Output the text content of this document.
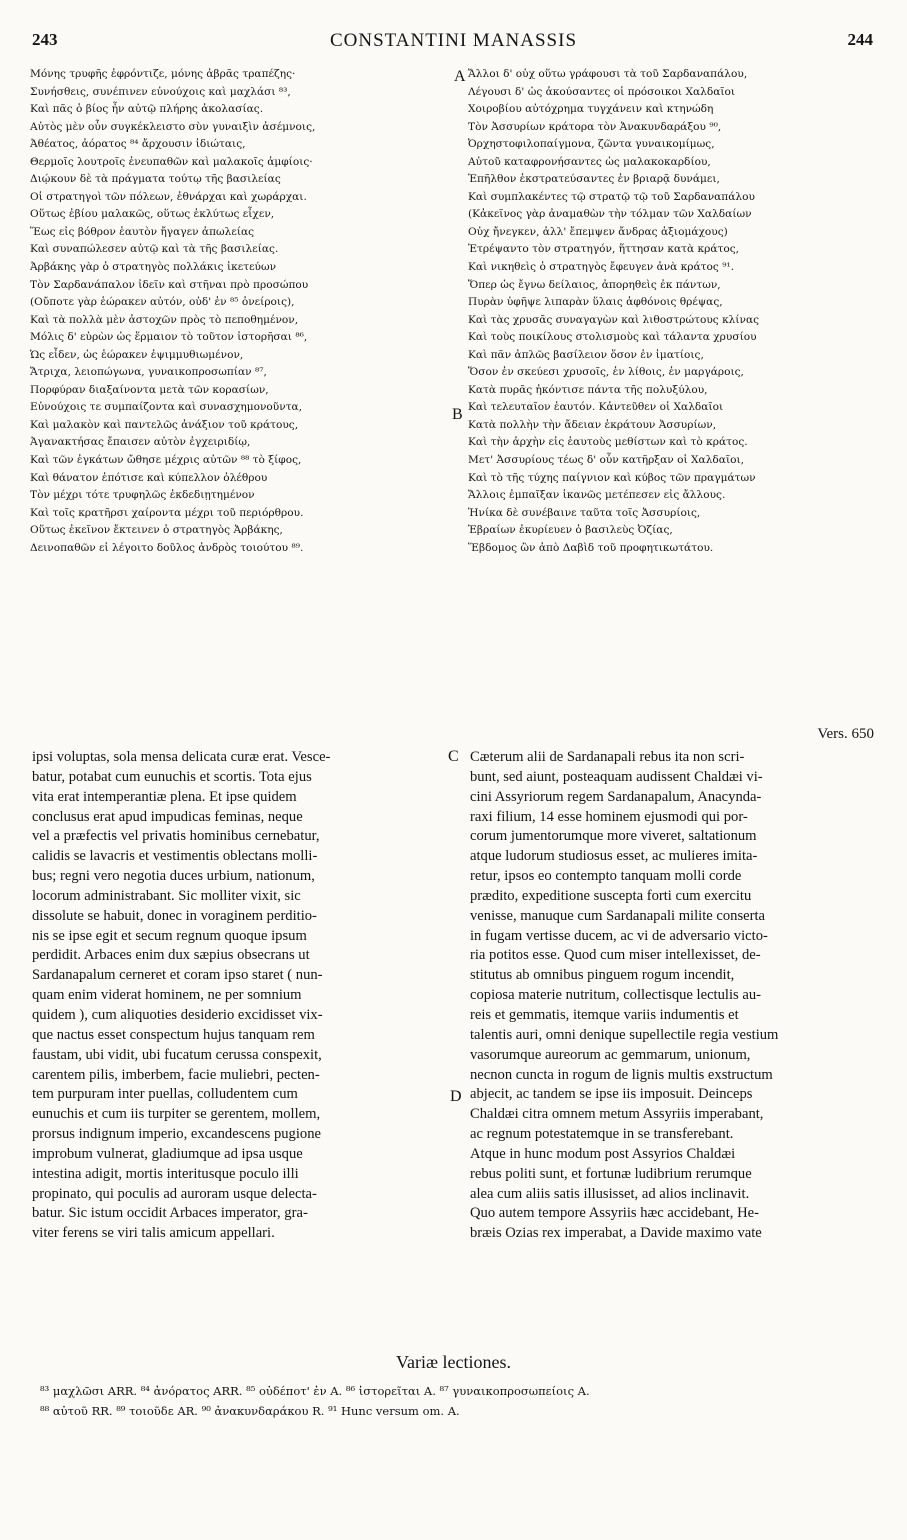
243	CONSTANTINI MANASSIS	244
Μόνης τρυφῆς ἐφρόντιζε, μόνης ἁβρᾶς τραπέζης·
Συνήσθεις, συνέπινεν εὐνούχοις καὶ μαχλάσι ⁸³,
Καὶ πᾶς ὁ βίος ἦν αὐτῷ πλήρης ἀκολασίας.
Αὐτὸς μὲν οὖν συγκέκλειστο σὺν γυναιξὶν ἀσέμνοις,
Ἀθέατος, ἀόρατος ⁸⁴ ἄρχουσιν ἰδιώταις,
Θερμοῖς λουτροῖς ἐνευπαθῶν καὶ μαλακοῖς ἀμφίοις·
Διῴκουν δὲ τὰ πράγματα τούτῳ τῆς βασιλείας
Οἱ στρατηγοὶ τῶν πόλεων, ἐθνάρχαι καὶ χωράρχαι.
Οὕτως ἐβίου μαλακῶς, οὕτως ἐκλύτως εἶχεν,
Ἕως εἰς βόθρον ἑαυτὸν ἤγαγεν ἀπωλείας
Καὶ συναπώλεσεν αὐτῷ καὶ τὰ τῆς βασιλείας.
Ἀρβάκης γὰρ ὁ στρατηγὸς πολλάκις ἱκετεύων
Τὸν Σαρδανάπαλον ἰδεῖν καὶ στῆναι πρὸ προσώπου
(Οὔποτε γὰρ ἑώρακεν αὐτόν, οὐδ' ἐν ⁸⁵ ὀνείροις),
Καὶ τὰ πολλὰ μὲν ἀστοχῶν πρὸς τὸ πεποθημένον,
Μόλις δ' εὑρὼν ὡς ἕρμαιον τὸ τοῦτον ἱστορῆσαι ⁸⁶,
Ὡς εἶδεν, ὡς ἑώρακεν ἐψιμμυθιωμένον,
Ἄτριχα, λειοπώγωνα, γυναικοπροσωπίαν ⁸⁷,
Πορφύραν διαξαίνοντα μετὰ τῶν κορασίων,
Εὐνούχοις τε συμπαίζοντα καὶ συνασχημονοῦντα,
Καὶ μαλακὸν καὶ παντελῶς ἀνάξιον τοῦ κράτους,
Ἀγανακτήσας ἔπαισεν αὐτὸν ἐγχειριδίῳ,
Καὶ τῶν ἐγκάτων ὤθησε μέχρις αὐτῶν ⁸⁸ τὸ ξίφος,
Καὶ θάνατον ἐπότισε καὶ κύπελλον ὀλέθρου
Τὸν μέχρι τότε τρυφηλῶς ἐκδεδιῃτημένον
Καὶ τοῖς κρατῆρσι χαίροντα μέχρι τοῦ περιόρθρου.
Οὕτως ἐκεῖνον ἔκτεινεν ὁ στρατηγὸς Ἀρβάκης,
Δεινοπαθῶν εἰ λέγοιτο δοῦλος ἀνδρὸς τοιούτου ⁸⁹.
Ἄλλοι δ' οὐχ οὕτω γράφουσι τὰ τοῦ Σαρδαναπάλου,
Λέγουσι δ' ὡς ἀκούσαντες οἱ πρόσοικοι Χαλδαῖοι
Χοιροβίου αὐτόχρημα τυγχάνειν καὶ κτηνώδη
Τὸν Ἀσσυρίων κράτορα τὸν Ἀνακυνδαράξου ⁹⁰,
Ὀρχηστοφιλοπαίγμονα, ζῶντα γυναικομίμως,
Αὐτοῦ καταφρονήσαντες ὡς μαλακοκαρδίου,
Ἐπῆλθον ἐκστρατεύσαντες ἐν βριαρᾷ δυνάμει,
Καὶ συμπλακέντες τῷ στρατῷ τῷ τοῦ Σαρδαναπάλου
(Κἀκεῖνος γὰρ ἀναμαθὼν τὴν τόλμαν τῶν Χαλδαίων
Οὐχ ἤνεγκεν, ἀλλ' ἔπεμψεν ἄνδρας ἀξιομάχους)
Ἐτρέψαντο τὸν στρατηγόν, ἥττησαν κατὰ κράτος,
Καὶ νικηθεὶς ὁ στρατηγὸς ἔφευγεν ἀνὰ κράτος ⁹¹.
Ὅπερ ὡς ἔγνω δείλαιος, ἀπορηθεὶς ἐκ πάντων,
Πυρὰν ὑφῆψε λιπαρὰν ὕλαις ἀφθόνοις θρέψας,
Καὶ τὰς χρυσᾶς συναγαγὼν καὶ λιθοστρώτους κλίνας
Καὶ τοὺς ποικίλους στολισμοὺς καὶ τάλαντα χρυσίου
Καὶ πᾶν ἁπλῶς βασίλειον ὅσον ἐν ἱματίοις,
Ὅσον ἐν σκεύεσι χρυσοῖς, ἐν λίθοις, ἐν μαργάροις,
Κατὰ πυρᾶς ἠκόντισε πάντα τῆς πολυξύλου,
Καὶ τελευταῖον ἑαυτόν. Κἀντεῦθεν οἱ Χαλδαῖοι
Κατὰ πολλὴν τὴν ἄδειαν ἐκράτουν Ἀσσυρίων,
Καὶ τὴν ἀρχὴν εἰς ἑαυτοὺς μεθίστων καὶ τὸ κράτος.
Μετ' Ἀσσυρίους τέως δ' οὖν κατῆρξαν οἱ Χαλδαῖοι,
Καὶ τὸ τῆς τύχης παίγνιον καὶ κύβος τῶν πραγμάτων
Ἄλλοις ἐμπαῖξαν ἱκανῶς μετέπεσεν εἰς ἄλλους.
Ἡνίκα δὲ συνέβαινε ταῦτα τοῖς Ἀσσυρίοις,
Ἑβραίων ἐκυρίευεν ὁ βασιλεὺς Ὀζίας,
Ἕβδομος ὢν ἀπὸ Δαβὶδ τοῦ προφητικωτάτου.
A
B
C
D
Vers. 650
ipsi voluptas, sola mensa delicata curæ erat. Vesce-
batur, potabat cum eunuchis et scortis. Tota ejus
vita erat intemperantiæ plena. Et ipse quidem
conclusus erat apud impudicas feminas, neque
vel a præfectis vel privatis hominibus cernebatur,
calidis se lavacris et vestimentis oblectans molli-
bus; regni vero negotia duces urbium, nationum,
locorum administrabant. Sic molliter vixit, sic
dissolute se habuit, donec in voraginem perditio-
nis se ipse egit et secum regnum quoque ipsum
perdidit. Arbaces enim dux sæpius obsecrans ut
Sardanapalum cerneret et coram ipso staret ( nun-
quam enim viderat hominem, ne per somnium
quidem ), cum aliquoties desiderio excidisset vix-
que nactus esset conspectum hujus tanquam rem
faustam, ubi vidit, ubi fucatum cerussa conspexit,
carentem pilis, imberbem, facie muliebri, pecten-
tem purpuram inter puellas, colludentem cum
eunuchis et cum iis turpiter se gerentem, mollem,
prorsus indignum imperio, excandescens pugione
improbum vulnerat, gladiumque ad ipsa usque
intestina adigit, mortis interitusque poculo illi
propinato, qui poculis ad auroram usque delecta-
batur. Sic istum occidit Arbaces imperator, gra-
viter ferens se viri talis amicum appellari.
Cæterum alii de Sardanapali rebus ita non scri-
bunt, sed aiunt, posteaquam audissent Chaldæi vi-
cini Assyriorum regem Sardanapalum, Anacynda-
raxi filium, 14 esse hominem ejusmodi qui por-
corum jumentorumque more viveret, saltationum
atque ludorum studiosus esset, ac mulieres imita-
retur, ipsos eo contempto tanquam molli corde
prædito, expeditione suscepta forti cum exercitu
venisse, manuque cum Sardanapali milite conserta
in fugam vertisse ducem, ac vi de adversario victo-
ria potitos esse. Quod cum miser intellexisset, de-
stitutus ab omnibus pinguem rogum incendit,
copiosa materie nutritum, collectisque lectulis au-
reis et gemmatis, itemque variis indumentis et
talentis auri, omni denique supellectile regia vestium
vasorumque aureorum ac gemmarum, unionum,
necnon cuncta in rogum de lignis multis exstructum
abjecit, ac tandem se ipse iis imposuit. Deinceps
Chaldæi citra omnem metum Assyriis imperabant,
ac regnum potestatemque in se transferebant.
Atque in hunc modum post Assyrios Chaldæi
rebus politi sunt, et fortunæ ludibrium rerumque
alea cum aliis satis illusisset, ad alios inclinavit.
Quo autem tempore Assyriis hæc accidebant, He-
bræis Ozias rex imperabat, a Davide maximo vate
Variæ lectiones.
⁸³ μαχλῶσι ARR. ⁸⁴ ἀνόρατος ARR. ⁸⁵ οὐδέποτ' ἐν A. ⁸⁶ ἱστορεῖται A. ⁸⁷ γυναικοπροσωπείοις A.
⁸⁸ αὐτοῦ RR. ⁸⁹ τοιοῦδε AR. ⁹⁰ ἀνακυνδαράκου R. ⁹¹ Hunc versum om. A.
